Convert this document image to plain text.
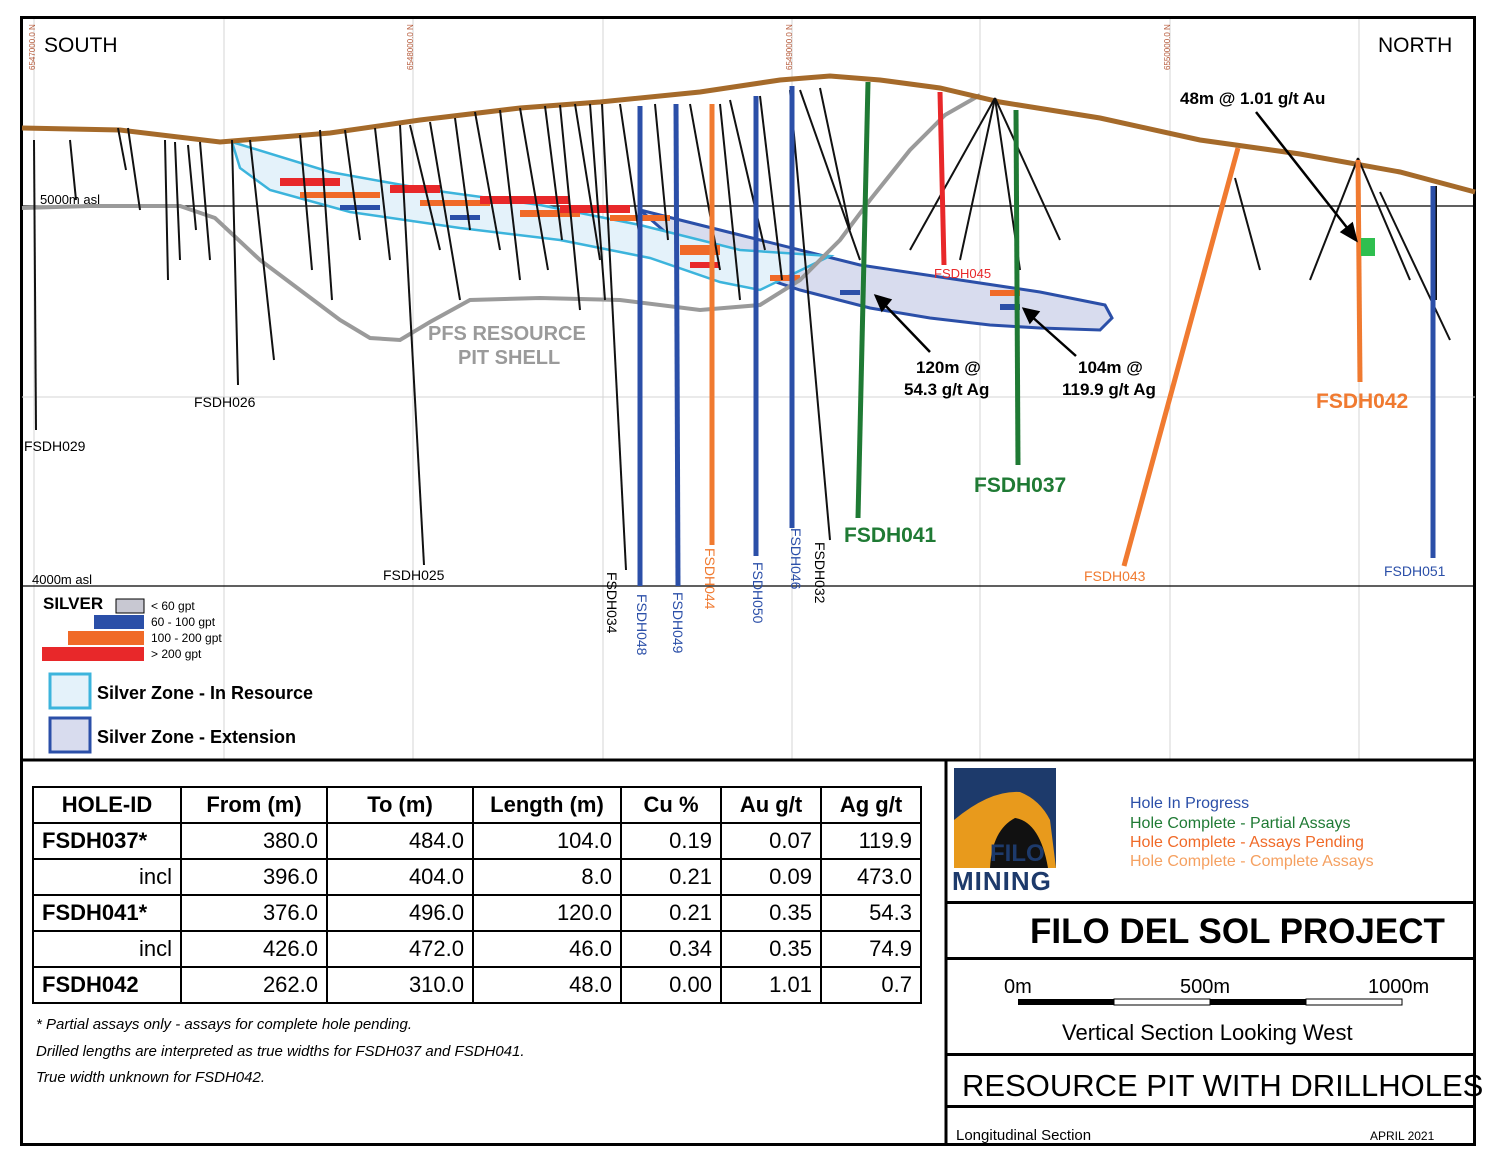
SOUTH	NORTH
5000m asl
4000m asl
6547000.0 N	6548000.0 N	6549000.0 N	6550000.0 N
PFS RESOURCE
PIT SHELL
48m @ 1.01 g/t Au
120m @
54.3 g/t Ag
104m @
119.9 g/t Ag
FSDH029
FSDH026
FSDH025	FSDH034 FSDH048 FSDH049
FSDH044 FSDH050
FSDH046 FSDH032
FSDH041
FSDH045
FSDH037
FSDH043
FSDH042
FSDH051
SILVER	< 60 gpt
60 - 100 gpt
100 - 200 gpt
> 200 gpt
Silver Zone - In Resource
Silver Zone - Extension
HOLE-ID	From (m)	To (m)	Length (m)	Cu %	Au g/t	Ag g/t
FSDH037*	380.0	484.0	104.0	0.19	0.07	119.9
incl	396.0	404.0	8.0	0.21	0.09	473.0
FSDH041*	376.0	496.0	120.0	0.21	0.35	54.3
incl	426.0	472.0	46.0	0.34	0.35	74.9
FSDH042	262.0	310.0	48.0	0.00	1.01	0.7
* Partial assays only - assays for complete hole pending.
Drilled lengths are interpreted as true widths for FSDH037 and FSDH041.
True width unknown for FSDH042.
FILO
MINING
Hole In Progress
Hole Complete - Partial Assays
Hole Complete - Assays Pending
Hole Complete - Complete Assays
FILO DEL SOL PROJECT
0m	500m	1000m
Vertical Section Looking West
RESOURCE PIT WITH DRILLHOLES
Longitudinal Section	APRIL 2021
